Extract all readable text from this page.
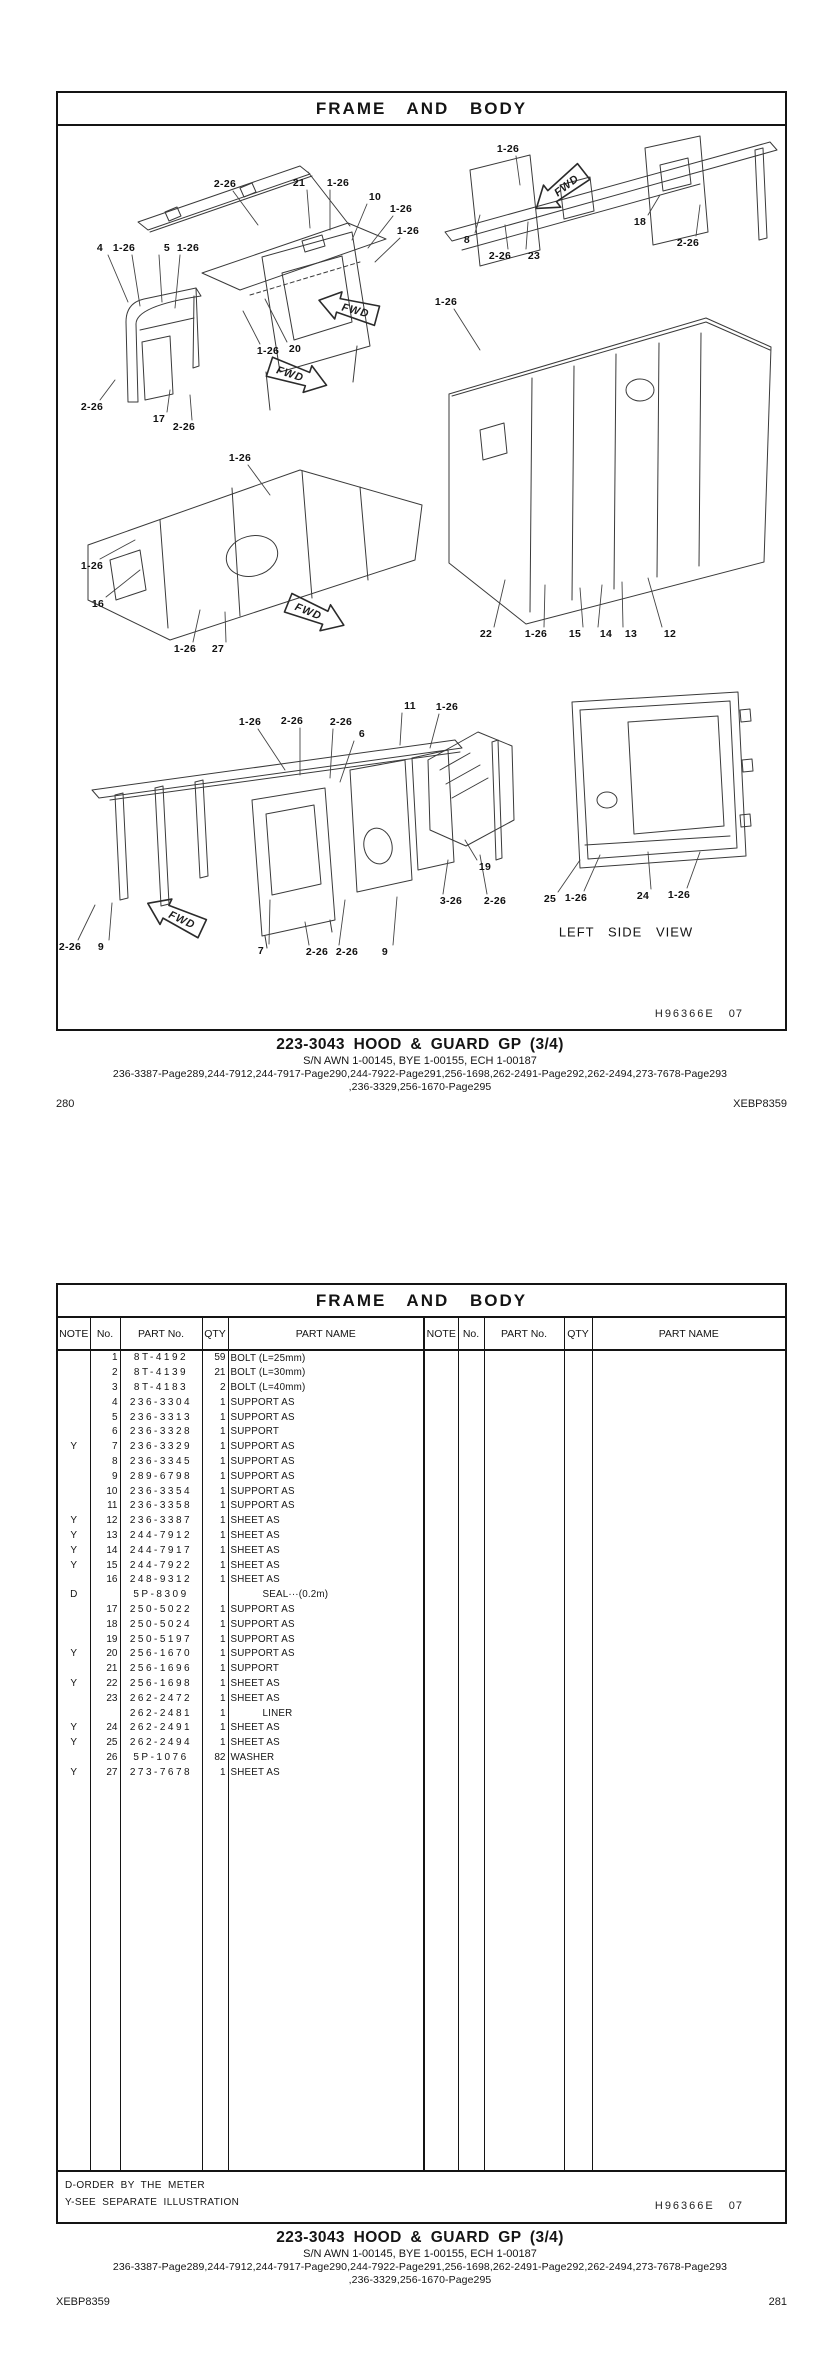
FRAME AND BODY
FWD
FWD
FWD
FWD
FWD
2-26	21 1-26
10
1-26
1-26
4 1-26	5 1-26
1-26 20
2-26
17
2-26
1-26
18
2-26
8
2-26 23
1-26
1-26
16
1-26 27
1-26
22	1-26 15 14 13	12
1-26 2-26	2-26
6
11 1-26
19
3-26 2-26	25 1-26	24 1-26
2-26 9	7	2-26 2-26 9
LEFT SIDE VIEW
H96366E 07
223-3043 HOOD & GUARD GP (3/4)
S/N AWN 1-00145, BYE 1-00155, ECH 1-00187
236-3387-Page289,244-7912,244-7917-Page290,244-7922-Page291,256-1698,262-2491-Page292,262-2494,273-7678-Page293
,236-3329,256-1670-Page295
280	XEBP8359
FRAME AND BODY
NOTE	No.	PART No.	QTY	PART NAME	NOTE	No.	PART No.	QTY	PART NAME
	1	8T-4192	59	BOLT (L=25mm)					
	2	8T-4139	21	BOLT (L=30mm)					
	3	8T-4183	2	BOLT (L=40mm)					
	4	236-3304	1	SUPPORT AS					
	5	236-3313	1	SUPPORT AS					
	6	236-3328	1	SUPPORT					
Y	7	236-3329	1	SUPPORT AS					
	8	236-3345	1	SUPPORT AS					
	9	289-6798	1	SUPPORT AS					
	10	236-3354	1	SUPPORT AS					
	11	236-3358	1	SUPPORT AS					
Y	12	236-3387	1	SHEET AS					
Y	13	244-7912	1	SHEET AS					
Y	14	244-7917	1	SHEET AS					
Y	15	244-7922	1	SHEET AS					
	16	248-9312	1	SHEET AS					
D		5P-8309		SEAL···(0.2m)					
	17	250-5022	1	SUPPORT AS					
	18	250-5024	1	SUPPORT AS					
	19	250-5197	1	SUPPORT AS					
Y	20	256-1670	1	SUPPORT AS					
	21	256-1696	1	SUPPORT					
Y	22	256-1698	1	SHEET AS					
	23	262-2472	1	SHEET AS					
		262-2481	1	LINER					
Y	24	262-2491	1	SHEET AS					
Y	25	262-2494	1	SHEET AS					
	26	5P-1076	82	WASHER					
Y	27	273-7678	1	SHEET AS					

D-ORDER BY THE METER
Y-SEE SEPARATE ILLUSTRATION	H96366E 07
223-3043 HOOD & GUARD GP (3/4)
S/N AWN 1-00145, BYE 1-00155, ECH 1-00187
236-3387-Page289,244-7912,244-7917-Page290,244-7922-Page291,256-1698,262-2491-Page292,262-2494,273-7678-Page293
,236-3329,256-1670-Page295
XEBP8359	281
